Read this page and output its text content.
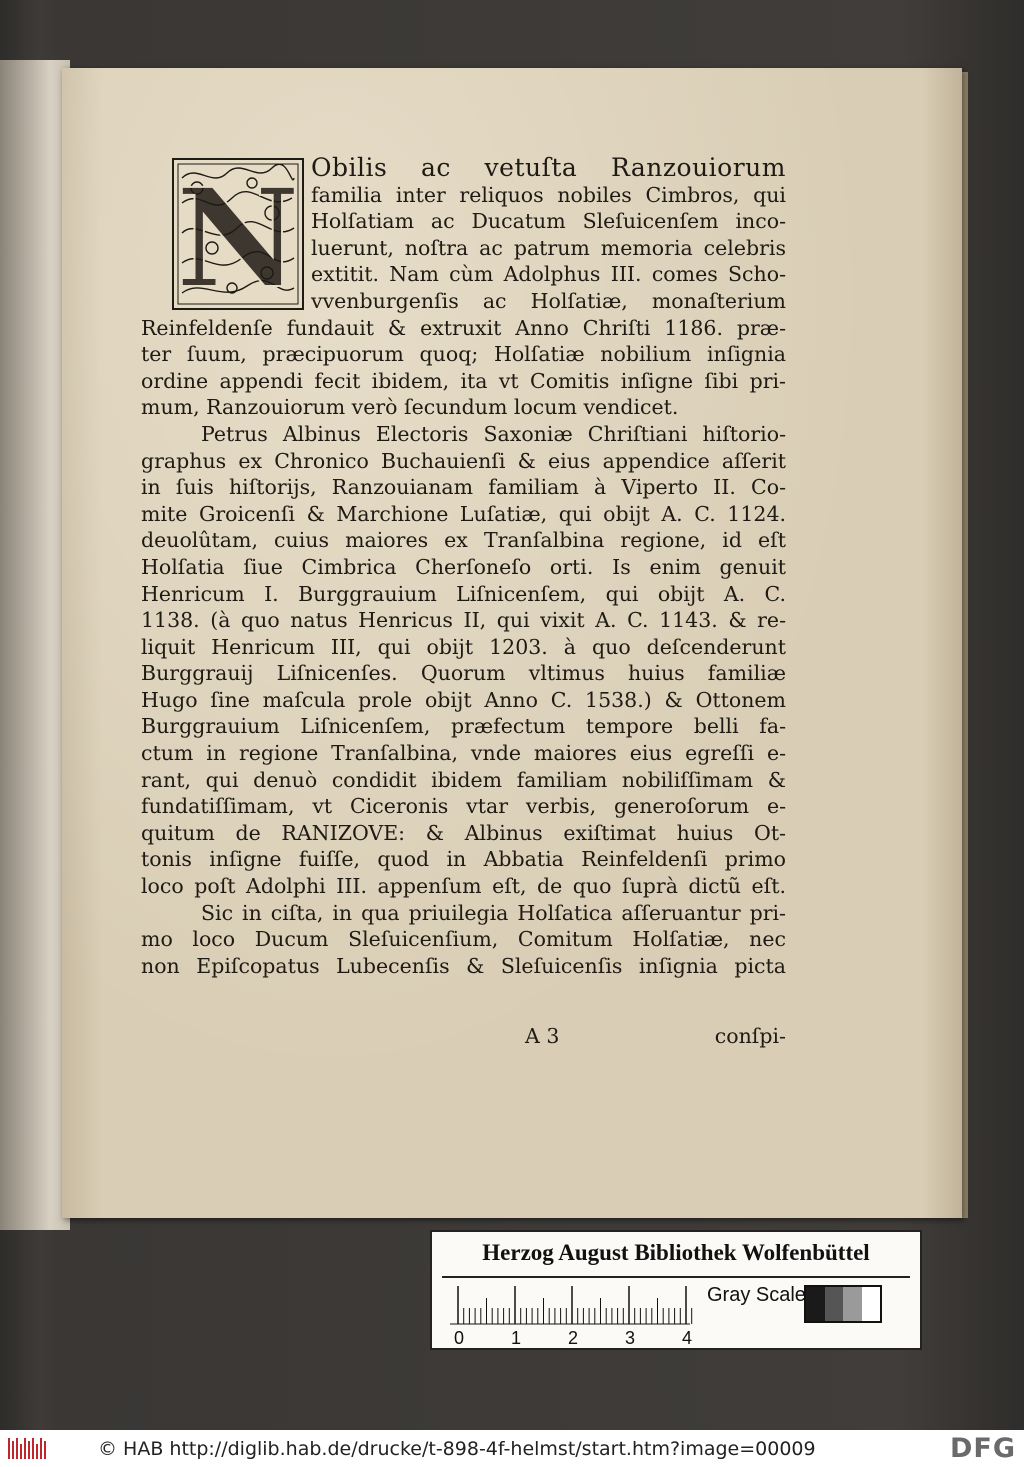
N Obilis ac vetuſta Ranzouiorum
familia inter reliquos nobiles Cimbros, qui
Holſatiam ac Ducatum Sleſuicenſem inco-
luerunt, noſtra ac patrum memoria celebris
extitit. Nam cùm Adolphus III. comes Scho-
vvenburgenſis ac Holſatiæ, monaſterium
Reinfeldenſe fundauit & extruxit Anno Chriſti 1186. præ-
ter ſuum, præcipuorum quoq; Holſatiæ nobilium inſignia
ordine appendi fecit ibidem, ita vt Comitis inſigne ſibi pri-
mum, Ranzouiorum verò ſecundum locum vendicet.
Petrus Albinus Electoris Saxoniæ Chriſtiani hiſtorio-
graphus ex Chronico Buchauienſi & eius appendice aſſerit
in ſuis hiſtorijs, Ranzouianam familiam à Viperto II. Co-
mite Groicenſi & Marchione Luſatiæ, qui obijt A. C. 1124.
deuolûtam, cuius maiores ex Tranſalbina regione, id eſt
Holſatia ſiue Cimbrica Cherſoneſo orti. Is enim genuit
Henricum I. Burggrauium Liſnicenſem, qui obijt A. C.
1138. (à quo natus Henricus II, qui vixit A. C. 1143. & re-
liquit Henricum III, qui obijt 1203. à quo deſcenderunt
Burggrauij Liſnicenſes. Quorum vltimus huius familiæ
Hugo ſine maſcula prole obijt Anno C. 1538.) & Ottonem
Burggrauium Liſnicenſem, præfectum tempore belli fa-
ctum in regione Tranſalbina, vnde maiores eius egreſſi e-
rant, qui denuò condidit ibidem familiam nobiliſſimam &
fundatiſſimam, vt Ciceronis vtar verbis, generoſorum e-
quitum de RANIZOVE: & Albinus exiſtimat huius Ot-
tonis inſigne fuiſſe, quod in Abbatia Reinfeldenſi primo
loco poſt Adolphi III. appenſum eſt, de quo ſuprà dictũ eſt.
Sic in ciſta, in qua priuilegia Holſatica aſſeruantur pri-
mo loco Ducum Sleſuicenſium, Comitum Holſatiæ, nec
non Epiſcopatus Lubecenſis & Sleſuicenſis inſignia picta
A 3	conſpi-
Herzog August Bibliothek Wolfenbüttel
0	1	2	3	4
Gray Scale
© HAB http://diglib.hab.de/drucke/t-898-4f-helmst/start.htm?image=00009	DFG
